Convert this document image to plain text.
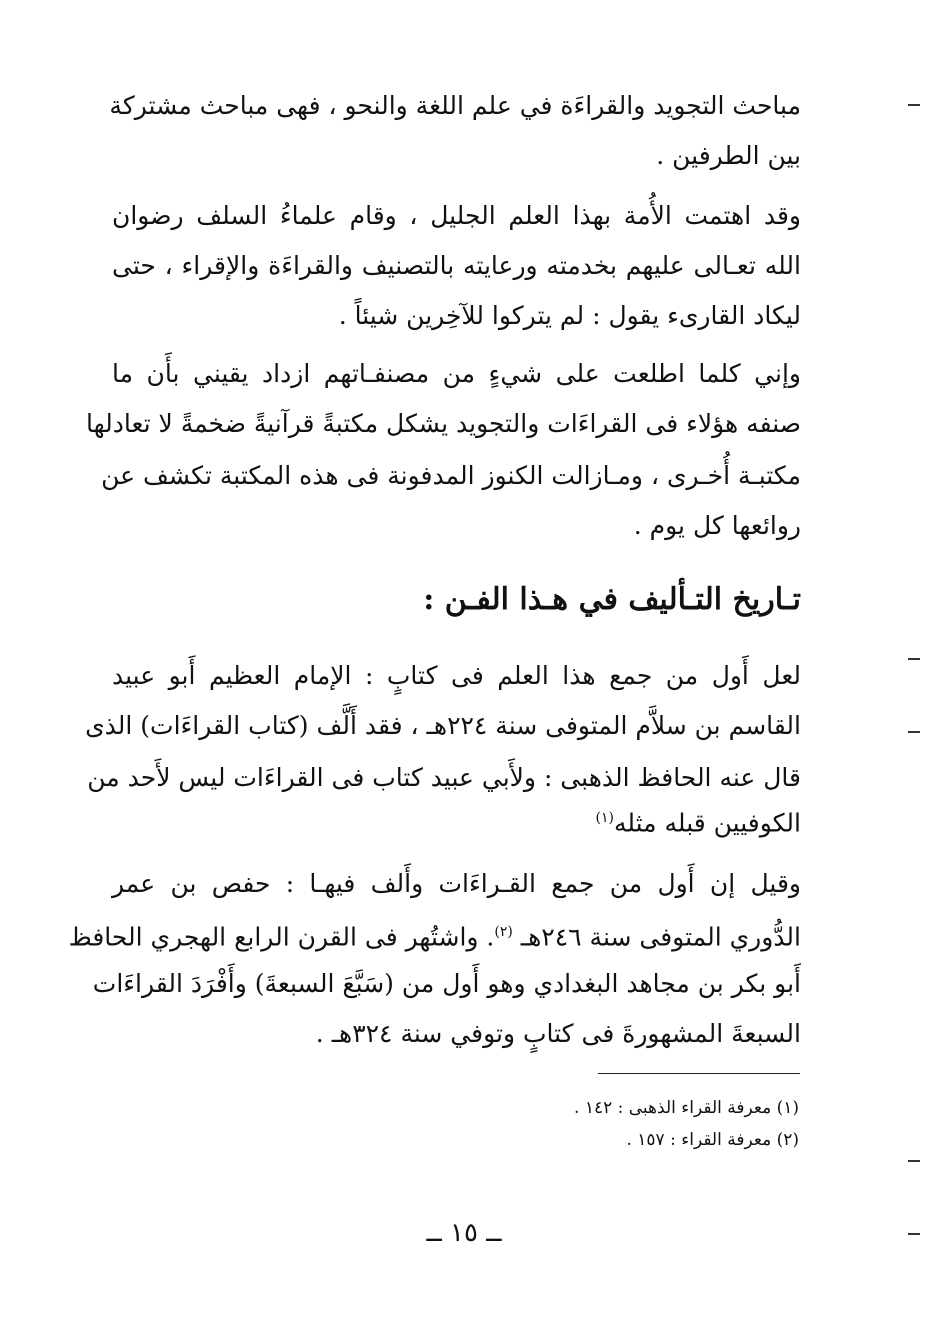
مباحث التجويد والقراءَة في علم اللغة والنحو ، فهى مباحث مشتركة
بين الطرفين .
وقد اهتمت الأُمة بهذا العلم الجليل ، وقام علماءُ السلف رضوان
الله تعـالى عليهم بخدمته ورعايته بالتصنيف والقراءَة والإقراء ، حتى
ليكاد القارىء يقول : لم يتركوا للآخِرين شيئاً .
وإني كلما اطلعت على شيءٍ من مصنفـاتهم ازداد يقيني بأَن ما
صنفه هؤلاء فى القراءَات والتجويد يشكل مكتبةً قرآنيةً ضخمةً لا تعادلها
مكتبـة أُخـرى ، ومـازالت الكنوز المدفونة فى هذه المكتبة تكشف عن
روائعها كل يوم .
تـاريخ التـأليف في هـذا الفـن :
لعل أَول من جمع هذا العلم فى كتابٍ : الإمام العظيم أَبو عبيد
القاسم بن سلاَّم المتوفى سنة ٢٢٤هـ ، فقد أَلَّف (كتاب القراءَات) الذى
قال عنه الحافظ الذهبى : ولأَبي عبيد كتاب فى القراءَات ليس لأَحد من
الكوفيين قبله مثله$^{(١)}$
وقيل إن أَول من جمع القـراءَات وأَلف فيهـا : حفص بن عمر
الدُّوري المتوفى سنة ٢٤٦هـ $^{(٢)}$. واشتُهر فى القرن الرابع الهجري الحافظ
أَبو بكر بن مجاهد البغدادي وهو أَول من (سَبَّعَ السبعةَ) وأَفْرَدَ القراءَات
السبعةَ المشهورةَ فى كتابٍ وتوفي سنة ٣٢٤هـ .
(١) معرفة القراء الذهبى : ١٤٢ .
(٢) معرفة القراء : ١٥٧ .
ــ ١٥ ــ
